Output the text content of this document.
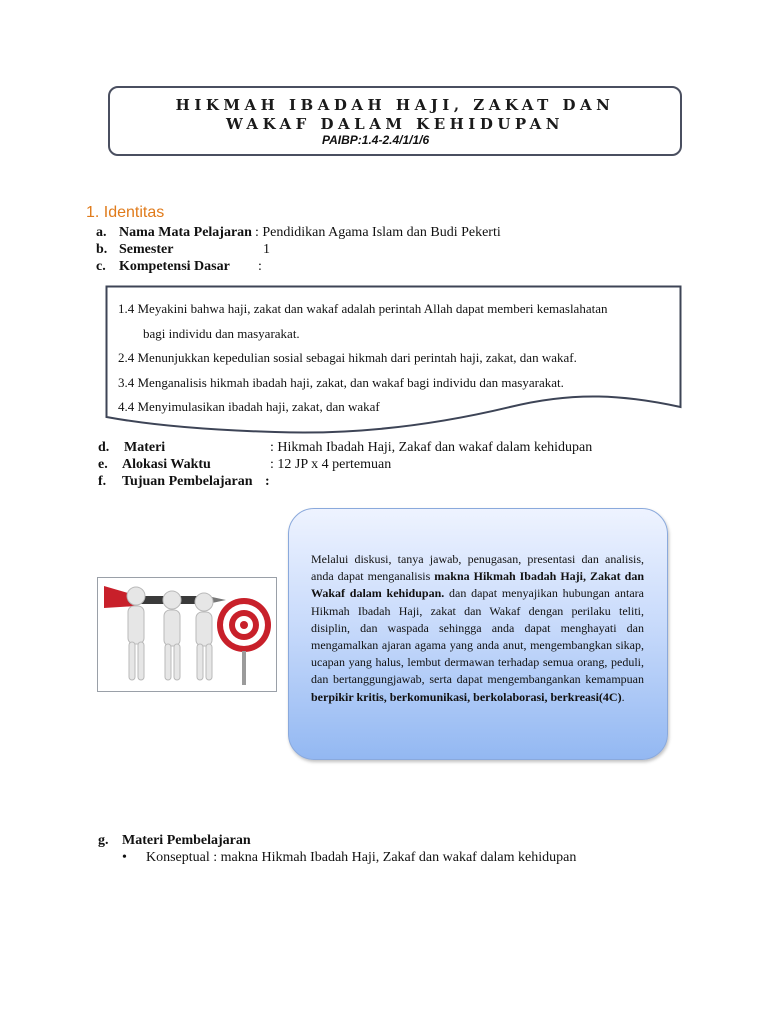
HIKMAH IBADAH HAJI, ZAKAT DAN
WAKAF DALAM KEHIDUPAN
PAIBP:1.4-2.4/1/1/6
1. Identitas
a. Nama Mata Pelajaran : Pendidikan Agama Islam dan Budi Pekerti
b. Semester	1
c. Kompetensi Dasar :
1.4 Meyakini bahwa haji, zakat dan wakaf adalah perintah Allah dapat memberi kemaslahatan
bagi individu dan masyarakat.
2.4 Menunjukkan kepedulian sosial sebagai hikmah dari perintah haji, zakat, dan wakaf.
3.4 Menganalisis hikmah ibadah haji, zakat, dan wakaf bagi individu dan masyarakat.
4.4 Menyimulasikan ibadah haji, zakat, dan wakaf
d. Materi	: Hikmah Ibadah Haji, Zakaf dan wakaf dalam kehidupan
e. Alokasi Waktu	: 12 JP x 4 pertemuan
f. Tujuan Pembelajaran :
Melalui diskusi, tanya jawab, penugasan, presentasi dan analisis, anda dapat menganalisis makna Hikmah Ibadah Haji, Zakat dan Wakaf dalam kehidupan. dan dapat menyajikan hubungan antara Hikmah Ibadah Haji, zakat dan Wakaf dengan perilaku teliti, disiplin, dan waspada sehingga anda dapat menghayati dan mengamalkan ajaran agama yang anda anut, mengembangkan sikap, ucapan yang halus, lembut dermawan terhadap semua orang, peduli, dan bertanggungjawab, serta dapat mengembangankan kemampuan berpikir kritis, berkomunikasi, berkolaborasi, berkreasi(4C).
g. Materi Pembelajaran
• Konseptual : makna Hikmah Ibadah Haji, Zakaf dan wakaf dalam kehidupan
